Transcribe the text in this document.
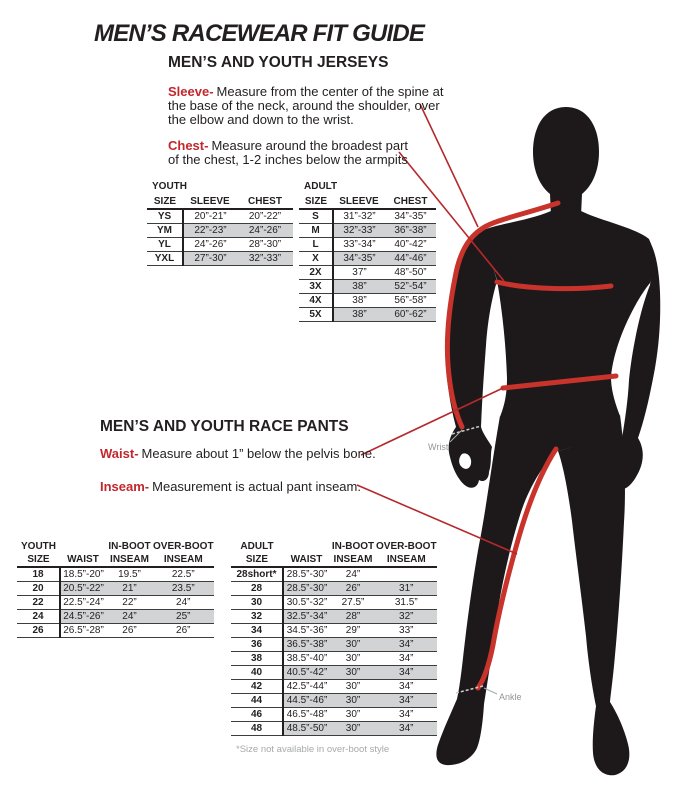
Wrist
Ankle
MEN’S RACEWEAR FIT GUIDE
MEN’S AND YOUTH JERSEYS

Sleeve- Measure from the center of the spine at the base of the neck, around the shoulder, over the elbow and down to the wrist.

Chest- Measure around the broadest part of the chest, 1-2 inches below the armpits

MEN’S AND YOUTH RACE PANTS

Waist- Measure about 1” below the pelvis bone.

Inseam- Measurement is actual pant inseam.

YOUTH
SIZE	SLEEVE	CHEST
YS	20”-21”	20”-22”
YM	22”-23”	24”-26”
YL	24”-26”	28”-30”
YXL	27”-30”	32”-33”
ADULT
SIZE	SLEEVE	CHEST
S	31”-32”	34”-35”
M	32”-33”	36”-38”
L	33”-34”	40”-42”
X	34”-35”	44”-46”
2X	37”	48”-50”
3X	38”	52”-54”
4X	38”	56”-58”
5X	38”	60”-62”
YOUTH		IN-BOOT	OVER-BOOT
SIZE	WAIST	INSEAM	INSEAM
18	18.5”-20”	19.5”	22.5”
20	20.5”-22”	21”	23.5”
22	22.5”-24”	22”	24”
24	24.5”-26”	24”	25”
26	26.5”-28”	26”	26”
ADULT		IN-BOOT	OVER-BOOT
SIZE	WAIST	INSEAM	INSEAM
28short*	28.5”-30”	24”	
28	28.5”-30”	26”	31”
30	30.5”-32”	27.5”	31.5”
32	32.5”-34”	28”	32”
34	34.5”-36”	29”	33”
36	36.5”-38”	30”	34”
38	38.5”-40”	30”	34”
40	40.5”-42”	30”	34”
42	42.5”-44”	30”	34”
44	44.5”-46”	30”	34”
46	46.5”-48”	30”	34”
48	48.5”-50”	30”	34”
*Size not available in over-boot style
